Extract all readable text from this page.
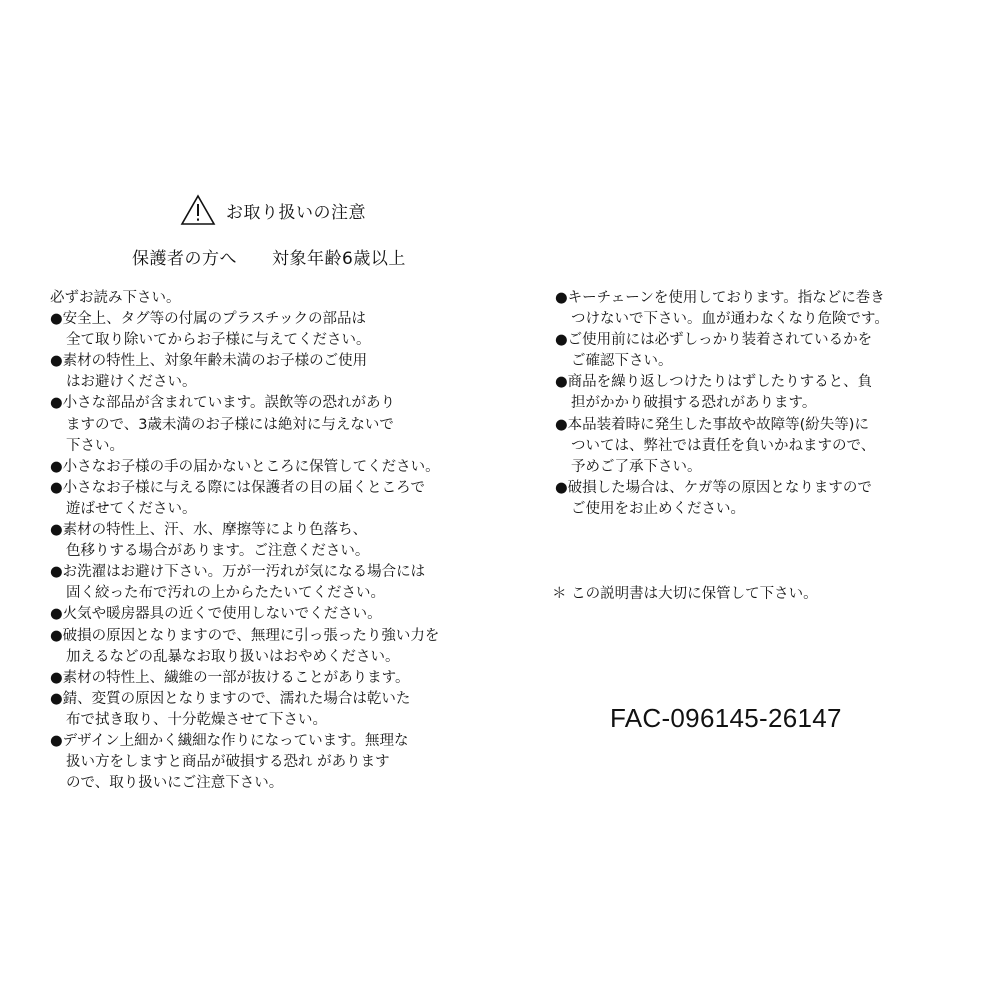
お取り扱いの注意
保護者の方へ　　対象年齢6歳以上
必ずお読み下さい。
●安全上、タグ等の付属のプラスチックの部品は
全て取り除いてからお子様に与えてください。
●素材の特性上、対象年齢未満のお子様のご使用
はお避けください。
●小さな部品が含まれています。誤飲等の恐れがあり
ますので、3歳未満のお子様には絶対に与えないで
下さい。
●小さなお子様の手の届かないところに保管してください。
●小さなお子様に与える際には保護者の目の届くところで
遊ばせてください。
●素材の特性上、汗、水、摩擦等により色落ち、
色移りする場合があります。ご注意ください。
●お洗濯はお避け下さい。万が一汚れが気になる場合には
固く絞った布で汚れの上からたたいてください。
●火気や暖房器具の近くで使用しないでください。
●破損の原因となりますので、無理に引っ張ったり強い力を
加えるなどの乱暴なお取り扱いはおやめください。
●素材の特性上、繊維の一部が抜けることがあります。
●錆、変質の原因となりますので、濡れた場合は乾いた
布で拭き取り、十分乾燥させて下さい。
●デザイン上細かく繊細な作りになっています。無理な
扱い方をしますと商品が破損する恐れ があります
ので、取り扱いにご注意下さい。
●キーチェーンを使用しております。指などに巻き
つけないで下さい。血が通わなくなり危険です。
●ご使用前には必ずしっかり装着されているかを
ご確認下さい。
●商品を繰り返しつけたりはずしたりすると、負
担がかかり破損する恐れがあります。
●本品装着時に発生した事故や故障等(紛失等)に
ついては、弊社では責任を負いかねますので、
予めご了承下さい。
●破損した場合は、ケガ等の原因となりますので
ご使用をお止めください。
＊ この説明書は大切に保管して下さい。
FAC-096145-26147
